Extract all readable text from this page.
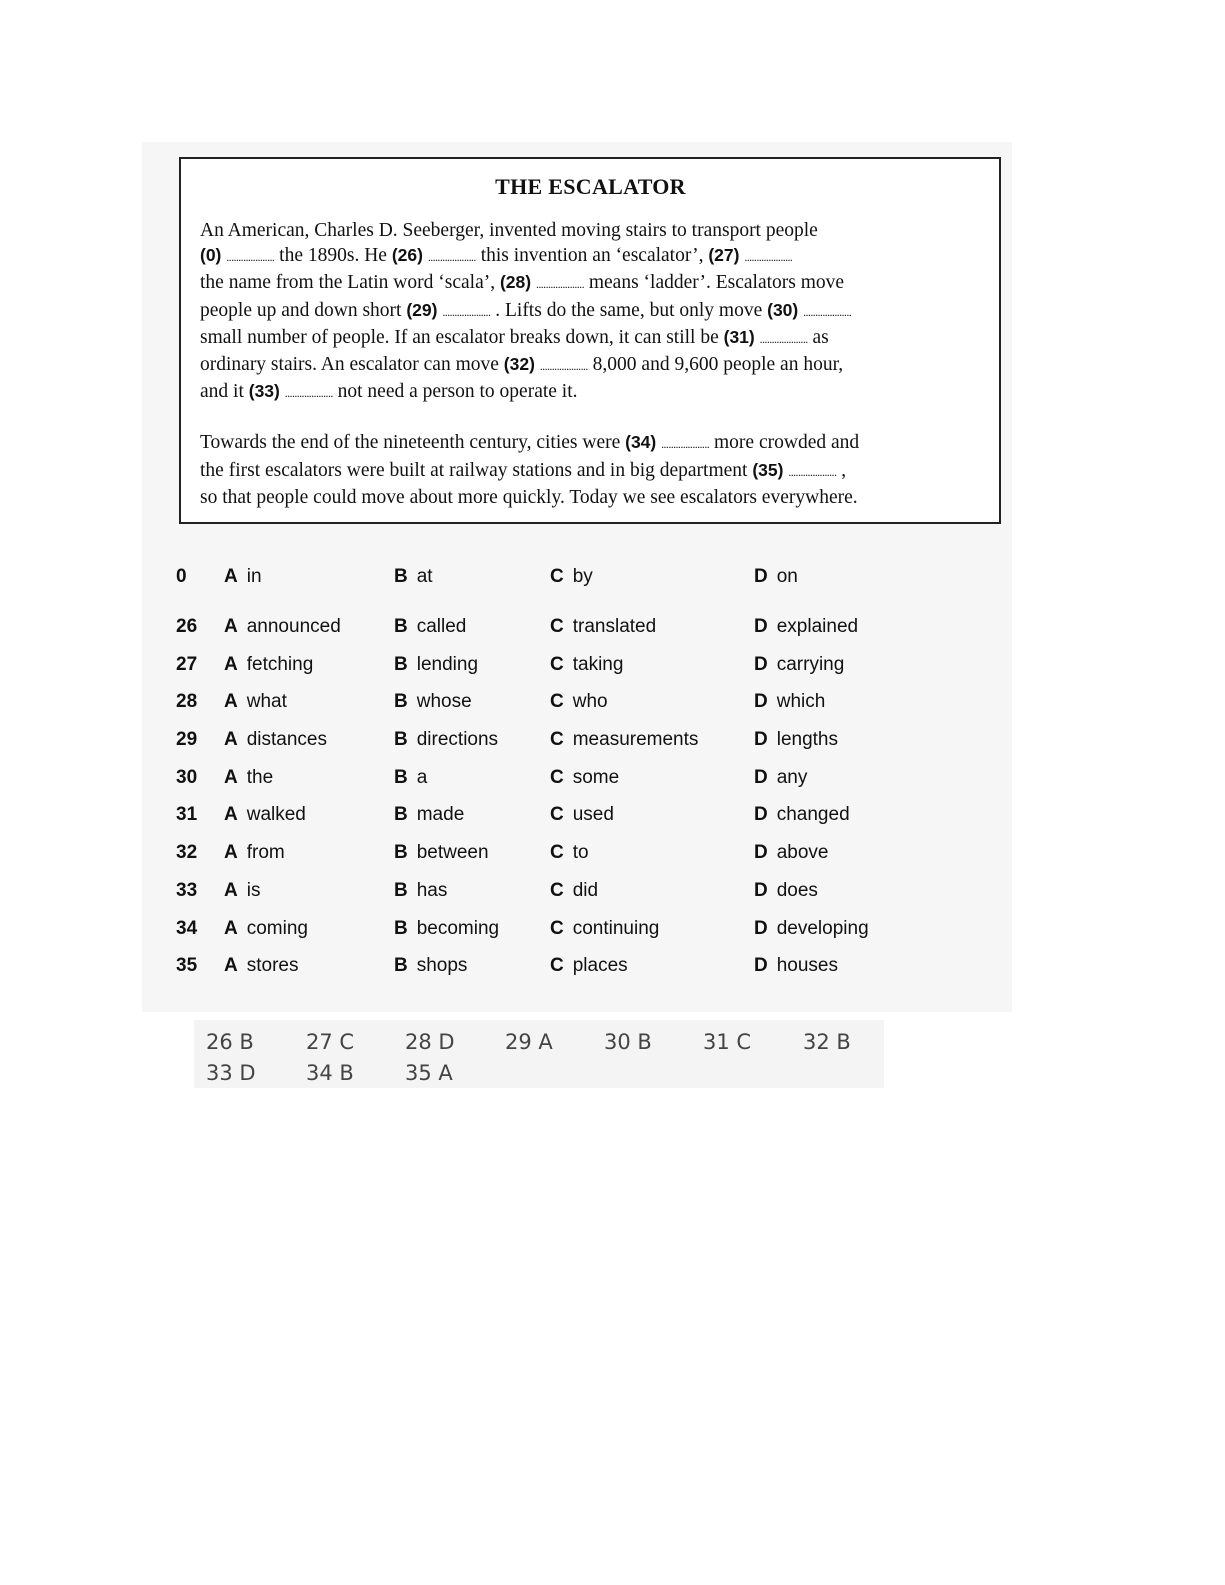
THE ESCALATOR

An American, Charles D. Seeberger, invented moving stairs to transport people
(0) .................... the 1890s. He (26) .................... this invention an ‘escalator’, (27) ....................
the name from the Latin word ‘scala’, (28) .................... means ‘ladder’. Escalators move
people up and down short (29) .................... . Lifts do the same, but only move (30) ....................
small number of people. If an escalator breaks down, it can still be (31) .................... as
ordinary stairs. An escalator can move (32) .................... 8,000 and 9,600 people an hour,
and it (33) .................... not need a person to operate it.

Towards the end of the nineteenth century, cities were (34) .................... more crowded and
the first escalators were built at railway stations and in big department (35) .................... ,
so that people could move about more quickly. Today we see escalators everywhere.

0 A in	B at	C by	D on
26 A announced	B called	C translated	D explained
27 A fetching	B lending	C taking	D carrying
28 A what	B whose	C who	D which
29 A distances	B directions	C measurements	D lengths
30 A the	B a	C some	D any
31 A walked	B made	C used	D changed
32 A from	B between	C to	D above
33 A is	B has	C did	D does
34 A coming	B becoming	C continuing	D developing
35 A stores	B shops	C places	D houses
26 B 27 C 28 D 29 A 30 B 31 C 32 B
33 D 34 B 35 A
